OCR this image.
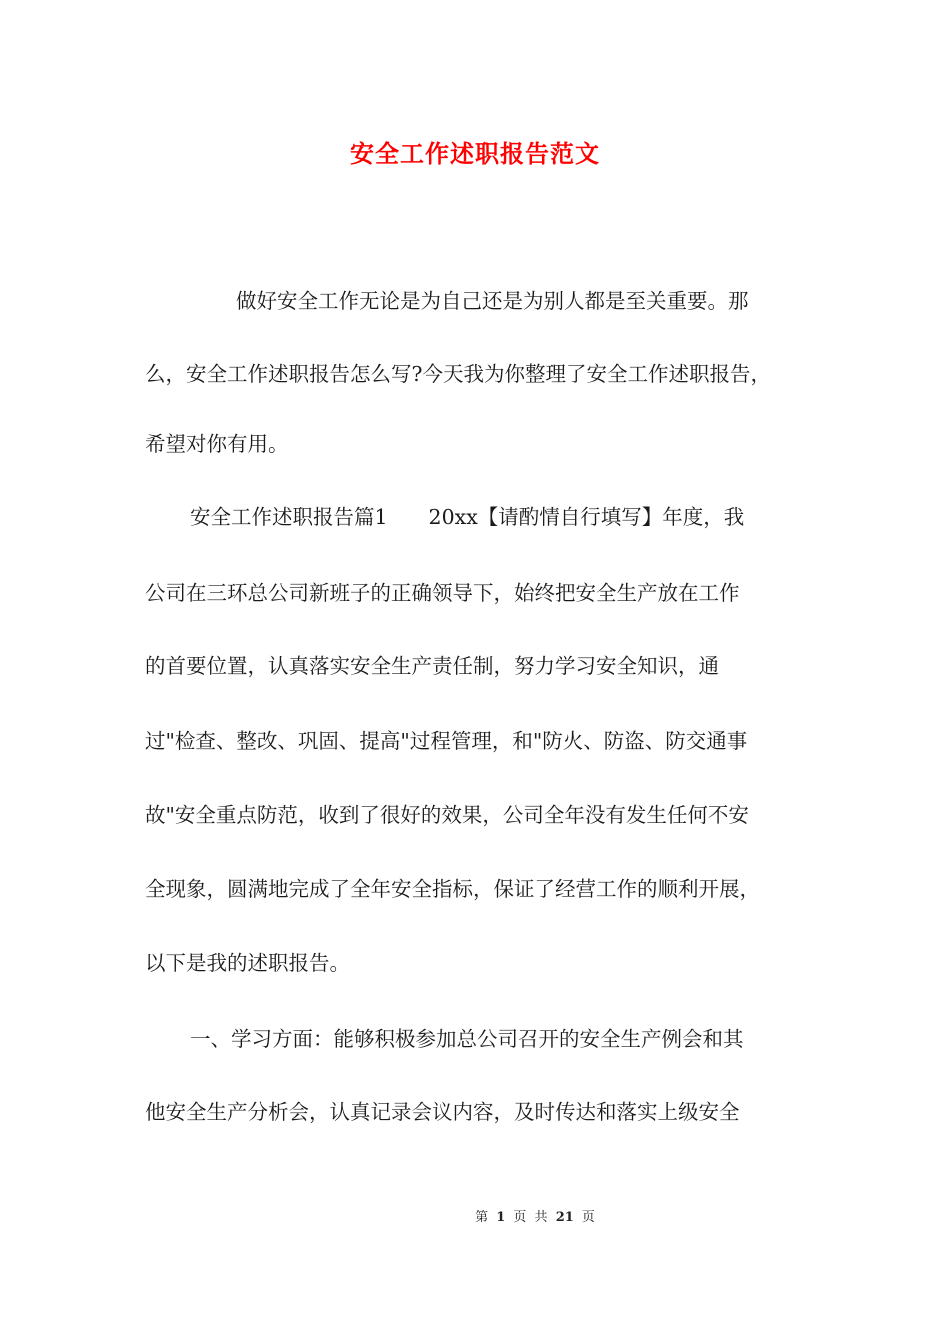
安全工作述职报告范文

做好安全工作无论是为自己还是为别人都是至关重要。那

么，安全工作述职报告怎么写?今天我为你整理了安全工作述职报告，

希望对你有用。

安全工作述职报告篇1　　20xx【请酌情自行填写】年度，我

公司在三环总公司新班子的正确领导下，始终把安全生产放在工作

的首要位置，认真落实安全生产责任制，努力学习安全知识，通

过"检查、整改、巩固、提高"过程管理，和"防火、防盗、防交通事

故"安全重点防范，收到了很好的效果，公司全年没有发生任何不安

全现象，圆满地完成了全年安全指标，保证了经营工作的顺利开展，

以下是我的述职报告。

一、学习方面：能够积极参加总公司召开的安全生产例会和其

他安全生产分析会，认真记录会议内容，及时传达和落实上级安全

第 1 页 共 21 页
